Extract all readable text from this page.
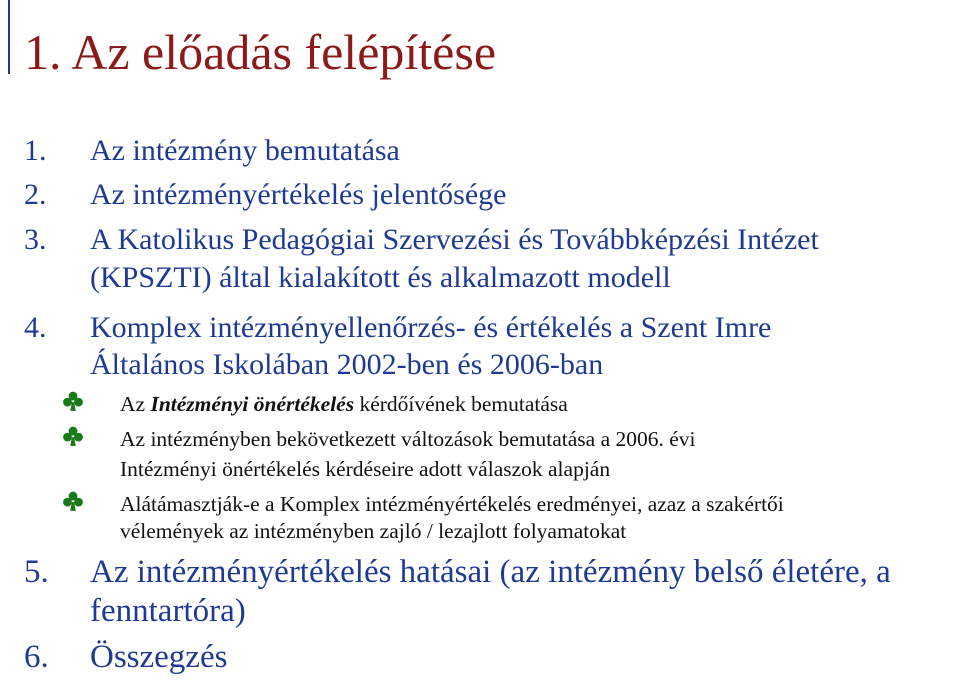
1. Az előadás felépítése
1. Az intézmény bemutatása
2. Az intézményértékelés jelentősége
3. A Katolikus Pedagógiai Szervezési és Továbbképzési Intézet
(KPSZTI) által kialakított és alkalmazott modell
4. Komplex intézményellenőrzés- és értékelés a Szent Imre
Általános Iskolában 2002-ben és 2006-ban
Az Intézményi önértékelés kérdőívének bemutatása
Az intézményben bekövetkezett változások bemutatása a 2006. évi
Intézményi önértékelés kérdéseire adott válaszok alapján
Alátámasztják-e a Komplex intézményértékelés eredményei, azaz a szakértői
vélemények az intézményben zajló / lezajlott folyamatokat
5. Az intézményértékelés hatásai (az intézmény belső életére, a
fenntartóra)
6. Összegzés
